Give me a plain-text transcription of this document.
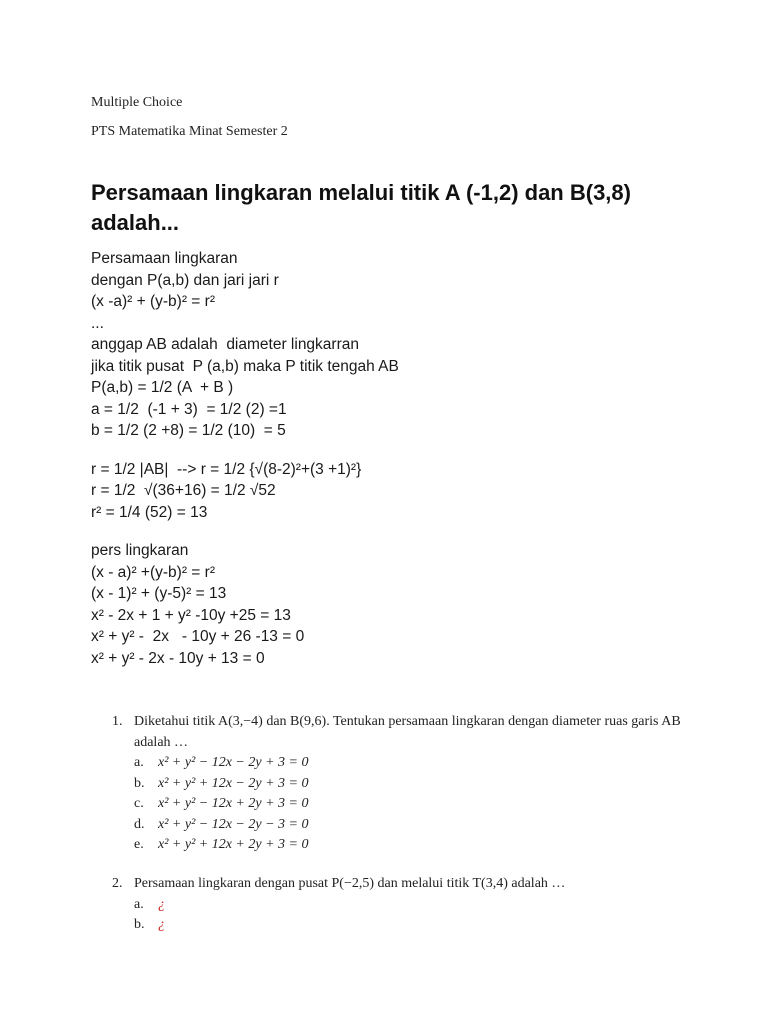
Multiple Choice
PTS Matematika Minat Semester 2
Persamaan lingkaran melalui titik A (-1,2) dan B(3,8) adalah...
Persamaan lingkaran
dengan P(a,b) dan jari jari r
(x -a)² + (y-b)² = r²
...
anggap AB adalah  diameter lingkarran
jika titik pusat  P (a,b) maka P titik tengah AB
P(a,b) = 1/2 (A  + B )
a = 1/2  (-1 + 3)  = 1/2 (2) =1
b = 1/2 (2 +8) = 1/2 (10)  = 5
r = 1/2 |AB|  --> r = 1/2 {√(8-2)²+(3 +1)²}
r = 1/2  √(36+16) = 1/2 √52
r² = 1/4 (52) = 13
pers lingkaran
(x - a)² +(y-b)² = r²
(x - 1)² + (y-5)² = 13
x² - 2x + 1 + y² -10y +25 = 13
x² + y² -  2x   - 10y + 26 -13 = 0
x² + y² - 2x - 10y + 13 = 0
1. Diketahui titik A(3,−4) dan B(9,6). Tentukan persamaan lingkaran dengan diameter ruas garis AB adalah …
a.	x² + y² − 12x − 2y + 3 = 0
b. x² + y² + 12x − 2y + 3 = 0
c.	x² + y² − 12x + 2y + 3 = 0
d. x² + y² − 12x − 2y − 3 = 0
e.	x² + y² + 12x + 2y + 3 = 0
2. Persamaan lingkaran dengan pusat P(−2,5) dan melalui titik T(3,4) adalah …
a.	¿
b. ¿
